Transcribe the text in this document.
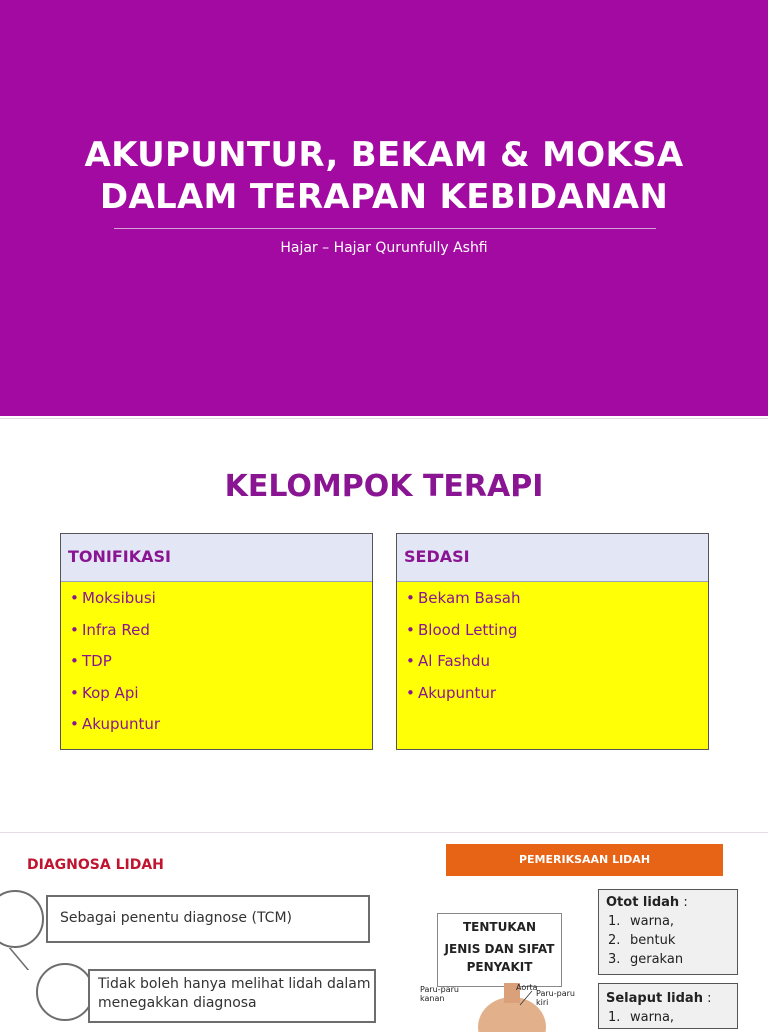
AKUPUNTUR, BEKAM & MOKSA
DALAM TERAPAN KEBIDANAN
Hajar – Hajar Qurunfully Ashfi
KELOMPOK TERAPI
TONIFIKASI
• Moksibusi
• Infra Red
• TDP
• Kop Api
• Akupuntur
SEDASI
• Bekam Basah
• Blood Letting
• Al Fashdu
• Akupuntur
DIAGNOSA LIDAH
Sebagai penentu diagnose (TCM)
Tidak boleh hanya melihat lidah dalam menegakkan diagnosa
PEMERIKSAAN LIDAH
TENTUKAN
JENIS DAN SIFAT
PENYAKIT
Paru-paru
kanan
Aorta
Paru-paru
kiri
Otot lidah :
1. warna,
2. bentuk
3. gerakan
Selaput lidah :
1. warna,
